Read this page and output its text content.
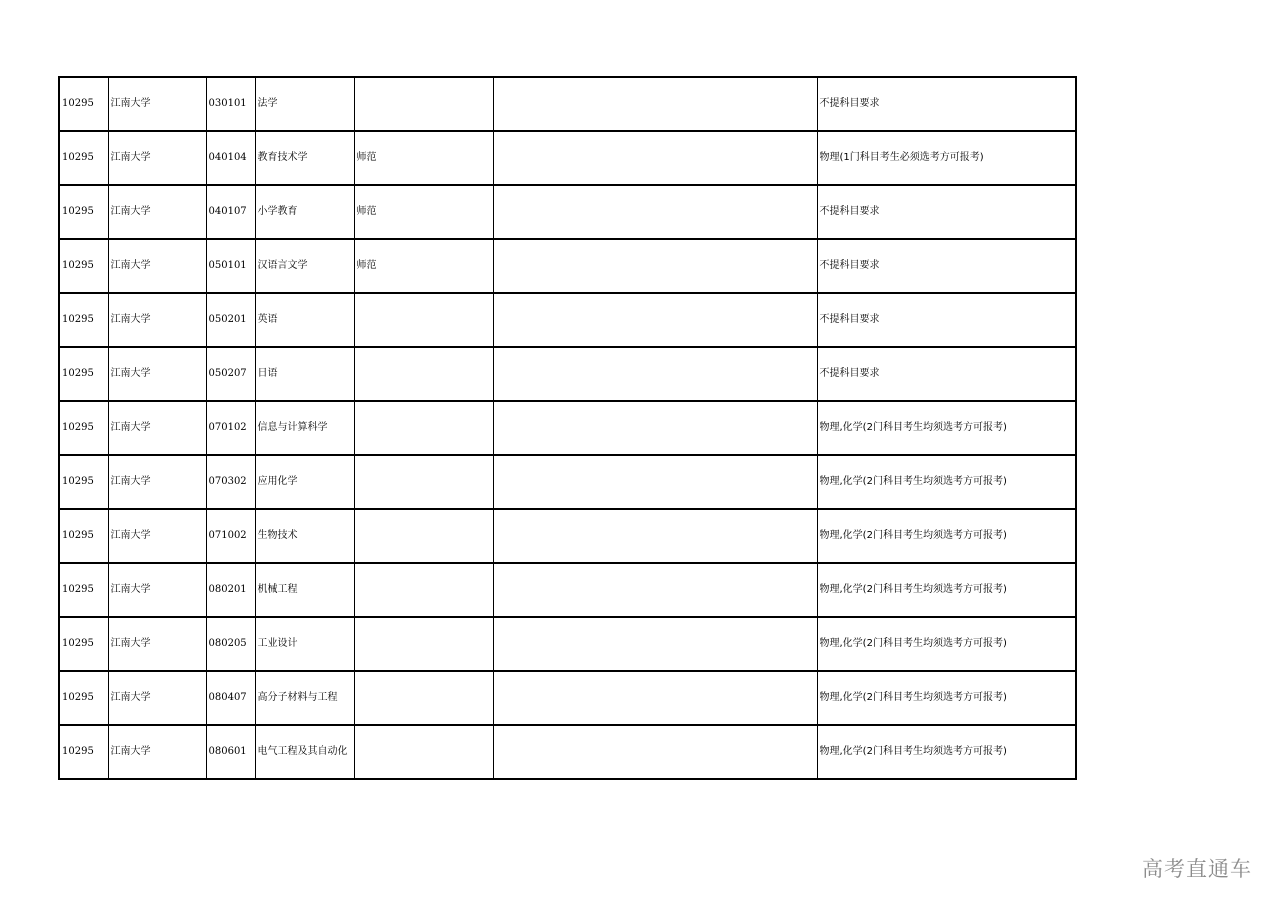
10295	江南大学	030101	法学			不提科目要求
10295	江南大学	040104	教育技术学	师范		物理(1门科目考生必须选考方可报考)
10295	江南大学	040107	小学教育	师范		不提科目要求
10295	江南大学	050101	汉语言文学	师范		不提科目要求
10295	江南大学	050201	英语			不提科目要求
10295	江南大学	050207	日语			不提科目要求
10295	江南大学	070102	信息与计算科学			物理,化学(2门科目考生均须选考方可报考)
10295	江南大学	070302	应用化学			物理,化学(2门科目考生均须选考方可报考)
10295	江南大学	071002	生物技术			物理,化学(2门科目考生均须选考方可报考)
10295	江南大学	080201	机械工程			物理,化学(2门科目考生均须选考方可报考)
10295	江南大学	080205	工业设计			物理,化学(2门科目考生均须选考方可报考)
10295	江南大学	080407	高分子材料与工程			物理,化学(2门科目考生均须选考方可报考)
10295	江南大学	080601	电气工程及其自动化			物理,化学(2门科目考生均须选考方可报考)
高考直通车
